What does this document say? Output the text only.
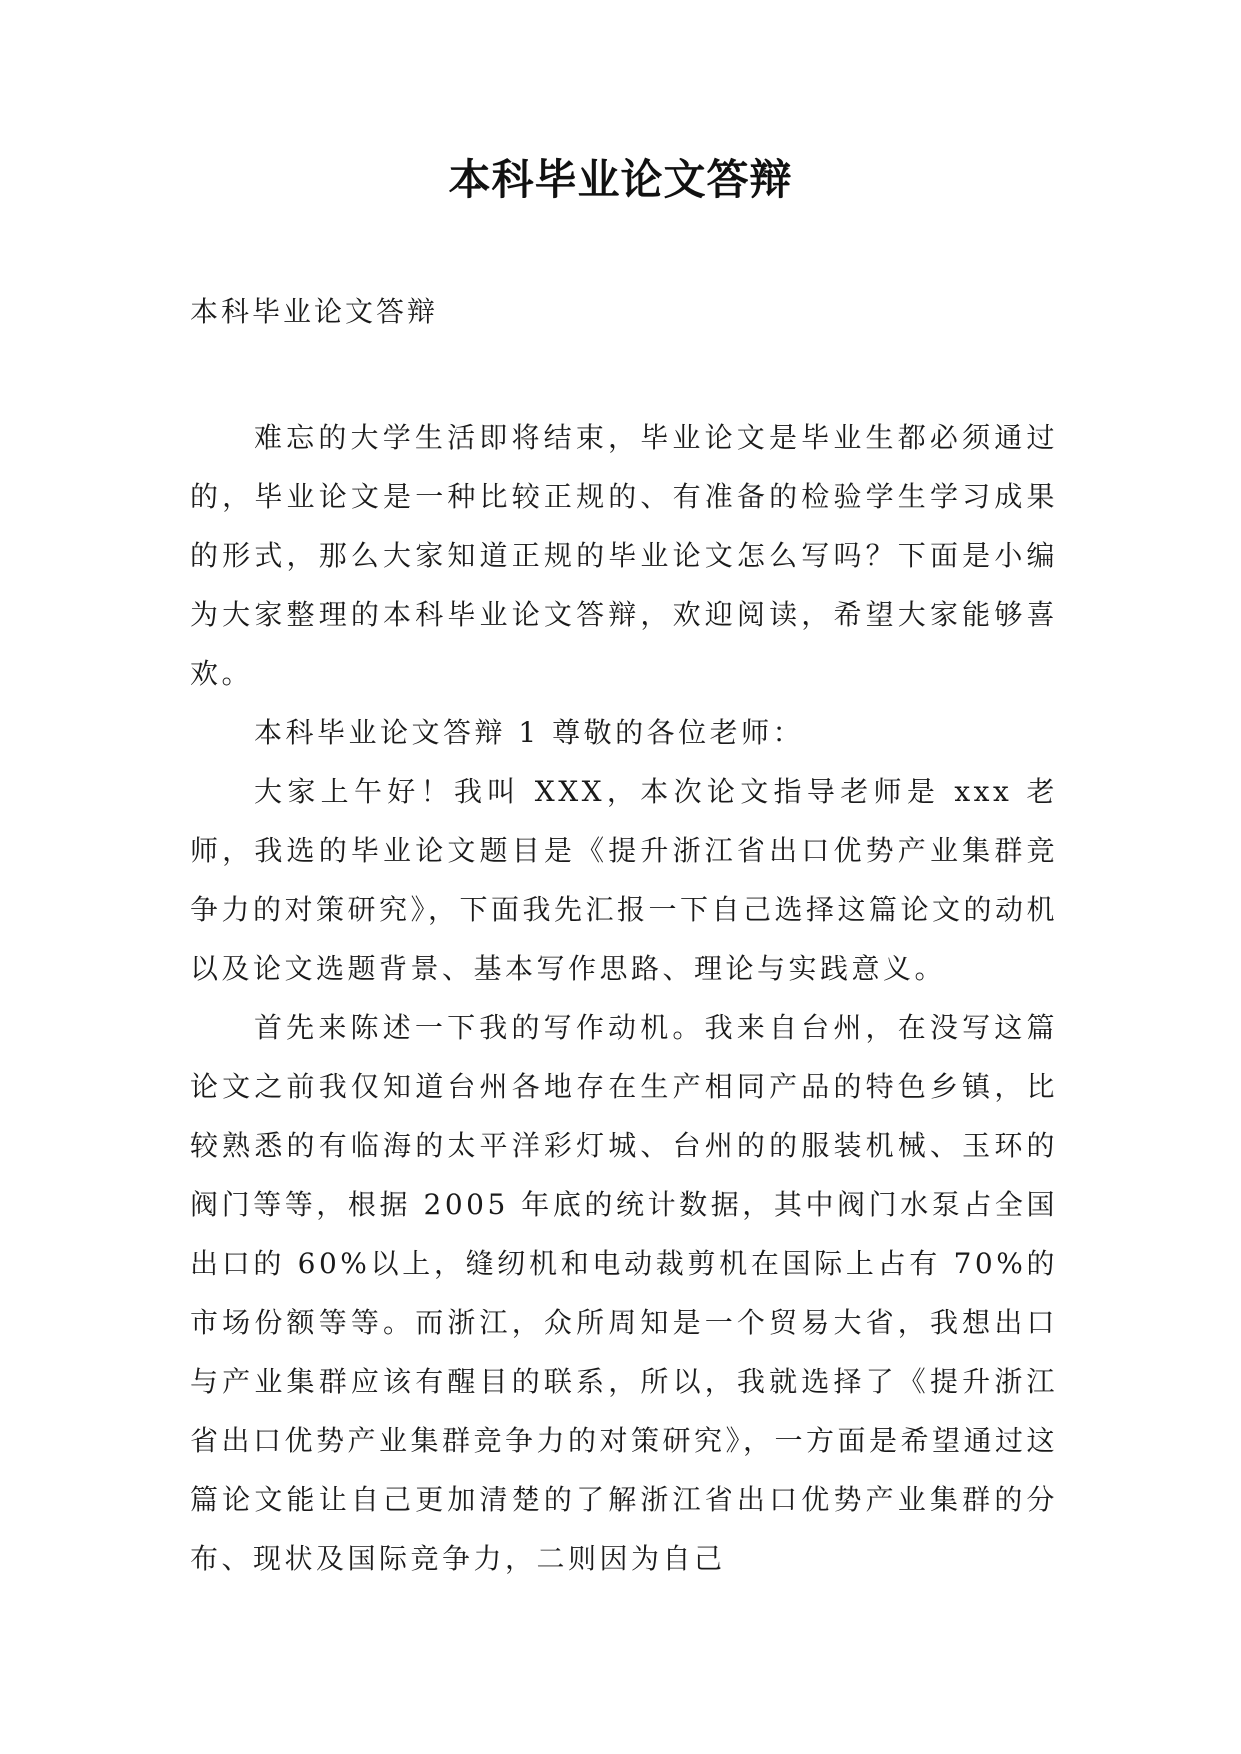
本科毕业论文答辩
本科毕业论文答辩

难忘的大学生活即将结束，毕业论文是毕业生都必须通过的，毕业论文是一种比较正规的、有准备的检验学生学习成果的形式，那么大家知道正规的毕业论文怎么写吗？下面是小编为大家整理的本科毕业论文答辩，欢迎阅读，希望大家能够喜欢。

本科毕业论文答辩 1 尊敬的各位老师：

大家上午好！我叫 XXX，本次论文指导老师是 xxx 老师，我选的毕业论文题目是《提升浙江省出口优势产业集群竞争力的对策研究》，下面我先汇报一下自己选择这篇论文的动机以及论文选题背景、基本写作思路、理论与实践意义。

首先来陈述一下我的写作动机。我来自台州，在没写这篇论文之前我仅知道台州各地存在生产相同产品的特色乡镇，比较熟悉的有临海的太平洋彩灯城、台州的的服装机械、玉环的阀门等等，根据 2005 年底的统计数据，其中阀门水泵占全国出口的 60%以上，缝纫机和电动裁剪机在国际上占有 70%的市场份额等等。而浙江，众所周知是一个贸易大省，我想出口与产业集群应该有醒目的联系，所以，我就选择了《提升浙江省出口优势产业集群竞争力的对策研究》，一方面是希望通过这篇论文能让自己更加清楚的了解浙江省出口优势产业集群的分布、现状及国际竞争力，二则因为自己
